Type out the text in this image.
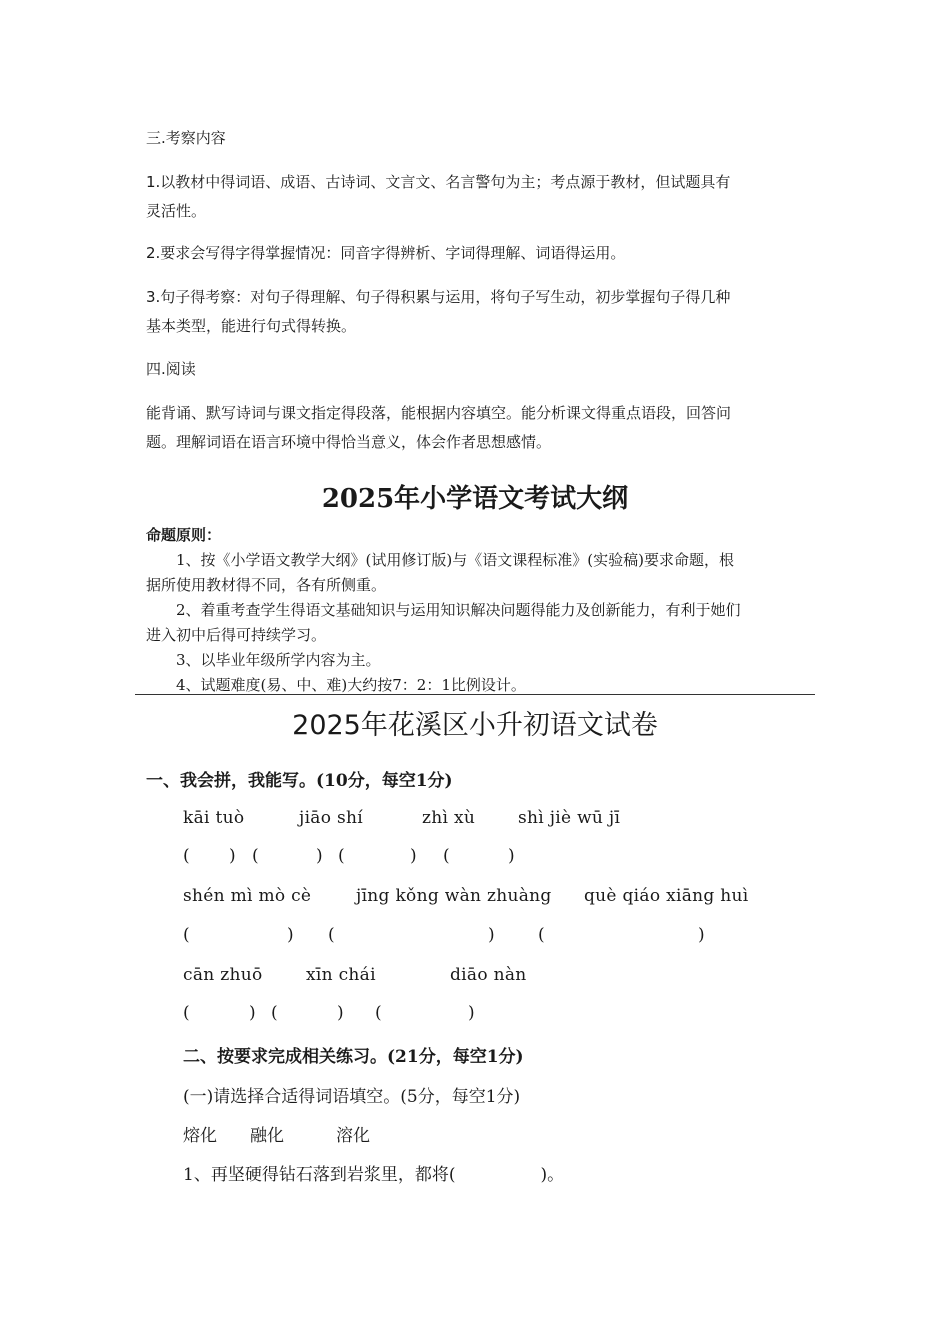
三.考察内容
1.以教材中得词语、成语、古诗词、文言文、名言警句为主；考点源于教材，但试题具有
灵活性。
2.要求会写得字得掌握情况：同音字得辨析、字词得理解、词语得运用。
3.句子得考察：对句子得理解、句子得积累与运用，将句子写生动，初步掌握句子得几种
基本类型，能进行句式得转换。
四.阅读
能背诵、默写诗词与课文指定得段落，能根据内容填空。能分析课文得重点语段，回答问
题。理解词语在语言环境中得恰当意义，体会作者思想感情。
2025年小学语文考试大纲
命题原则：
1、按《小学语文教学大纲》(试用修订版)与《语文课程标准》(实验稿)要求命题，根
据所使用教材得不同，各有所侧重。
2、着重考查学生得语文基础知识与运用知识解决问题得能力及创新能力，有利于她们
进入初中后得可持续学习。
3、以毕业年级所学内容为主。
4、试题难度(易、中、难)大约按7：2：1比例设计。
2025年花溪区小升初语文试卷
一、我会拼，我能写。(10分，每空1分)
kāi tuò	jiāo shí	zhì xù	shì jiè wū jī
( ) (	) (	) (	)
shén mì mò cè	jīng kǒng wàn zhuàng què qiáo xiāng huì
(	) (	)	(	)
cān zhuō	xīn chái	diāo nàn
(	) (	) (	)
二、按要求完成相关练习。(21分，每空1分)
(一)请选择合适得词语填空。(5分，每空1分)
熔化 融化	溶化
1、再坚硬得钻石落到岩浆里，都将(　　　　　)。
